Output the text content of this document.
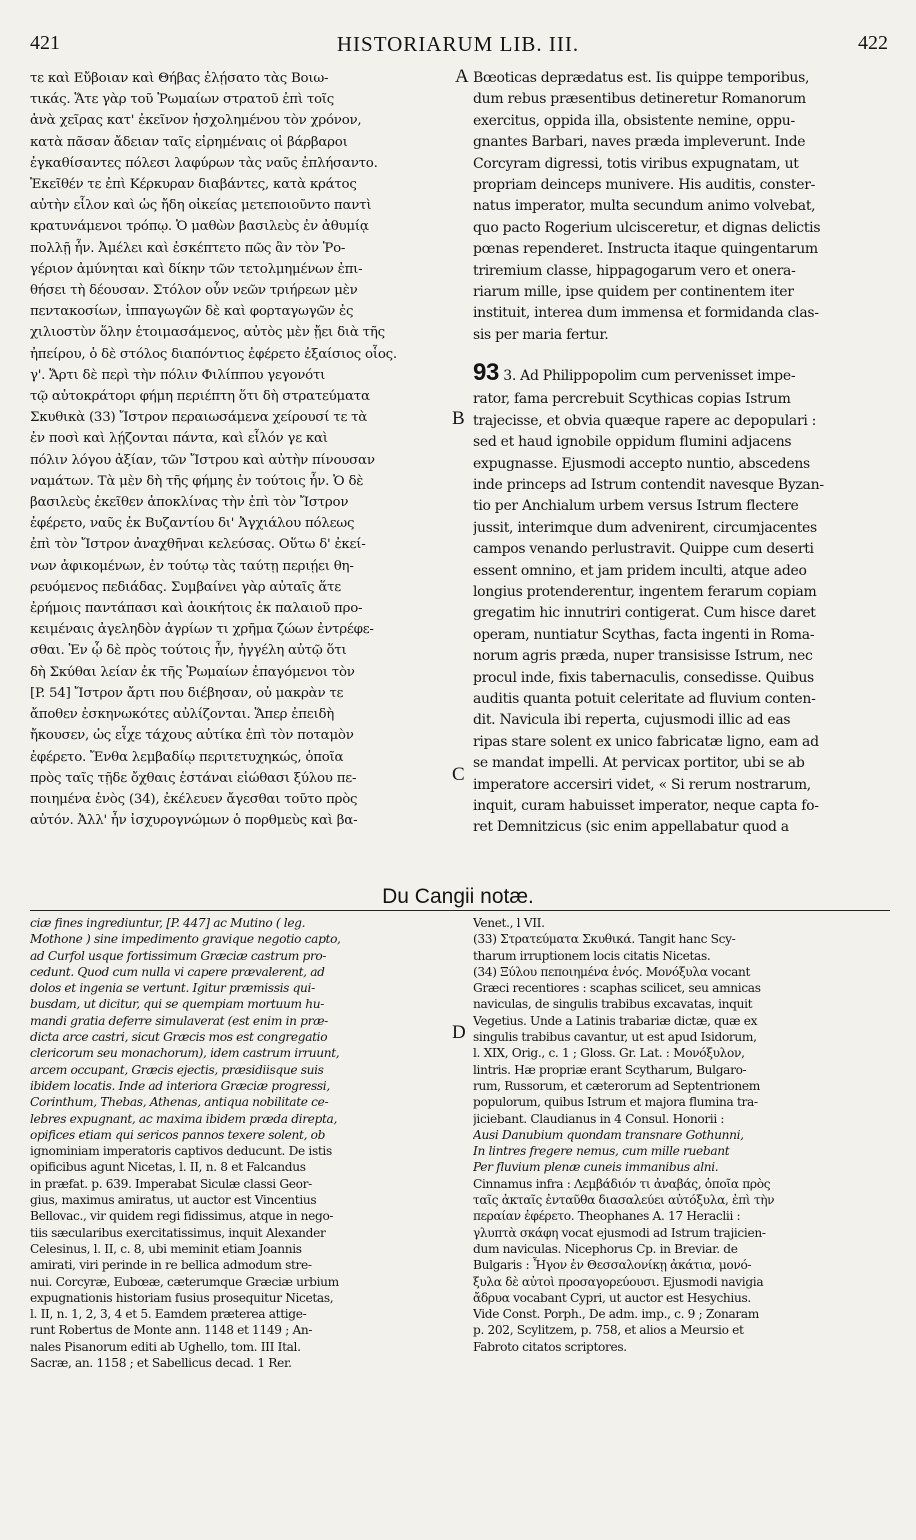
421	HISTORIARUM LIB. III.	422
τε καὶ Εὔβοιαν καὶ Θήβας ἐλῄσατο τὰς Βοιω-
τικάς. Ἅτε γὰρ τοῦ Ῥωμαίων στρατοῦ ἐπὶ τοῖς
ἀνὰ χεῖρας κατ' ἐκεῖνον ἠσχολημένου τὸν χρόνον,
κατὰ πᾶσαν ἄδειαν ταῖς εἰρημέναις οἱ βάρβαροι
ἐγκαθίσαντες πόλεσι λαφύρων τὰς ναῦς ἐπλήσαντο.
Ἐκεῖθέν τε ἐπὶ Κέρκυραν διαβάντες, κατὰ κράτος
αὐτὴν εἷλον καὶ ὡς ἤδη οἰκείας μετεποιοῦντο παντὶ
κρατυνάμενοι τρόπῳ. Ὁ μαθὼν βασιλεὺς ἐν ἀθυμίᾳ
πολλῇ ἦν. Ἀμέλει καὶ ἐσκέπτετο πῶς ἂν τὸν Ῥο-
γέριον ἀμύνηται καὶ δίκην τῶν τετολμημένων ἐπι-
θήσει τὴ δέουσαν. Στόλον οὖν νεῶν τριήρεων μὲν
πεντακοσίων, ἱππαγωγῶν δὲ καὶ φορταγωγῶν ἐς
χιλιοστὺν ὅλην ἑτοιμασάμενος, αὐτὸς μὲν ᾔει διὰ τῆς
ἠπείρου, ὁ δὲ στόλος διαπόντιος ἐφέρετο ἐξαίσιος οἷος.
γ'. Ἄρτι δὲ περὶ τὴν πόλιν Φιλίππου γεγονότι
τῷ αὐτοκράτορι φήμη περιέπτη ὅτι δὴ στρατεύματα
Σκυθικὰ (33) Ἴστρον περαιωσάμενα χείρουσί τε τὰ
ἐν ποσὶ καὶ λῄζονται πάντα, καὶ εἷλόν γε καὶ
πόλιν λόγου ἀξίαν, τῶν Ἴστρου καὶ αὐτὴν πίνουσαν
ναμάτων. Τὰ μὲν δὴ τῆς φήμης ἐν τούτοις ἦν. Ὁ δὲ
βασιλεὺς ἐκεῖθεν ἀποκλίνας τὴν ἐπὶ τὸν Ἴστρον
ἐφέρετο, ναῦς ἐκ Βυζαντίου δι' Ἀγχιάλου πόλεως
ἐπὶ τὸν Ἴστρον ἀναχθῆναι κελεύσας. Οὕτω δ' ἐκεί-
νων ἀφικομένων, ἐν τούτῳ τὰς ταύτῃ περιῄει θη-
ρευόμενος πεδιάδας. Συμβαίνει γὰρ αὐταῖς ἅτε
ἐρήμοις παντάπασι καὶ ἀοικήτοις ἐκ παλαιοῦ προ-
κειμέναις ἀγεληδὸν ἀγρίων τι χρῆμα ζώων ἐντρέφε-
σθαι. Ἐν ᾧ δὲ πρὸς τούτοις ἦν, ἠγγέλη αὐτῷ ὅτι
δὴ Σκύθαι λείαν ἐκ τῆς Ῥωμαίων ἐπαγόμενοι τὸν
[P. 54] Ἴστρον ἄρτι που διέβησαν, οὐ μακρὰν τε
ἄποθεν ἐσκηνωκότες αὐλίζονται. Ἅπερ ἐπειδὴ
ἤκουσεν, ὡς εἶχε τάχους αὐτίκα ἐπὶ τὸν ποταμὸν
ἐφέρετο. Ἔνθα λεμβαδίῳ περιτετυχηκώς, ὁποῖα
πρὸς ταῖς τῇδε ὄχθαις ἑστάναι εἰώθασι ξύλου πε-
ποιημένα ἑνὸς (34), ἐκέλευεν ἄγεσθαι τοῦτο πρὸς
αὐτόν. Ἀλλ' ἦν ἰσχυρογνώμων ὁ πορθμεὺς καὶ βα-
A
B
C
D
Bœoticas deprædatus est. Iis quippe temporibus,
dum rebus præsentibus detineretur Romanorum
exercitus, oppida illa, obsistente nemine, oppu-
gnantes Barbari, naves præda impleverunt. Inde
Corcyram digressi, totis viribus expugnatam, ut
propriam deinceps munivere. His auditis, conster-
natus imperator, multa secundum animo volvebat,
quo pacto Rogerium ulcisceretur, et dignas delictis
pœnas rependeret. Instructa itaque quingentarum
triremium classe, hippagogarum vero et onera-
riarum mille, ipse quidem per continentem iter
instituit, interea dum immensa et formidanda clas-
sis per maria fertur.
93 3. Ad Philippopolim cum pervenisset impe-
rator, fama percrebuit Scythicas copias Istrum
trajecisse, et obvia quæque rapere ac depopulari :
sed et haud ignobile oppidum flumini adjacens
expugnasse. Ejusmodi accepto nuntio, abscedens
inde princeps ad Istrum contendit navesque Byzan-
tio per Anchialum urbem versus Istrum flectere
jussit, interimque dum advenirent, circumjacentes
campos venando perlustravit. Quippe cum deserti
essent omnino, et jam pridem inculti, atque adeo
longius protenderentur, ingentem ferarum copiam
gregatim hic innutriri contigerat. Cum hisce daret
operam, nuntiatur Scythas, facta ingenti in Roma-
norum agris præda, nuper transisisse Istrum, nec
procul inde, fixis tabernaculis, consedisse. Quibus
auditis quanta potuit celeritate ad fluvium conten-
dit. Navicula ibi reperta, cujusmodi illic ad eas
ripas stare solent ex unico fabricatæ ligno, eam ad
se mandat impelli. At pervicax portitor, ubi se ab
imperatore accersiri videt, « Si rerum nostrarum,
inquit, curam habuisset imperator, neque capta fo-
ret Demnitzicus (sic enim appellabatur quod a
Du Cangii notæ.
ciæ fines ingrediuntur, [P. 447] ac Mutino ( leg.
Mothone ) sine impedimento gravique negotio capto,
ad Curfol usque fortissimum Græciæ castrum pro-
cedunt. Quod cum nulla vi capere prævalerent, ad
dolos et ingenia se vertunt. Igitur præmissis qui-
busdam, ut dicitur, qui se quempiam mortuum hu-
mandi gratia deferre simulaverat (est enim in præ-
dicta arce castri, sicut Græcis mos est congregatio
clericorum seu monachorum), idem castrum irruunt,
arcem occupant, Græcis ejectis, præsidiisque suis
ibidem locatis. Inde ad interiora Græciæ progressi,
Corinthum, Thebas, Athenas, antiqua nobilitate ce-
lebres expugnant, ac maxima ibidem præda direpta,
opifices etiam qui sericos pannos texere solent, ob
ignominiam imperatoris captivos deducunt. De istis
opificibus agunt Nicetas, l. II, n. 8 et Falcandus
in præfat. p. 639. Imperabat Siculæ classi Geor-
gius, maximus amiratus, ut auctor est Vincentius
Bellovac., vir quidem regi fidissimus, atque in nego-
tiis sæcularibus exercitatissimus, inquit Alexander
Celesinus, l. II, c. 8, ubi meminit etiam Joannis
amirati, viri perinde in re bellica admodum stre-
nui. Corcyræ, Eubœæ, cæterumque Græciæ urbium
expugnationis historiam fusius prosequitur Nicetas,
l. II, n. 1, 2, 3, 4 et 5. Eamdem præterea attige-
runt Robertus de Monte ann. 1148 et 1149 ; An-
nales Pisanorum editi ab Ughello, tom. III Ital.
Sacræ, an. 1158 ; et Sabellicus decad. 1 Rer.
Venet., l VII.
(33) Στρατεύματα Σκυθικά. Tangit hanc Scy-
tharum irruptionem locis citatis Nicetas.
(34) Ξύλου πεποιημένα ἑνός. Μονόξυλα vocant
Græci recentiores : scaphas scilicet, seu amnicas
naviculas, de singulis trabibus excavatas, inquit
Vegetius. Unde a Latinis trabariæ dictæ, quæ ex
singulis trabibus cavantur, ut est apud Isidorum,
l. XIX, Orig., c. 1 ; Gloss. Gr. Lat. : Μονόξυλον,
lintris. Hæ propriæ erant Scytharum, Bulgaro-
rum, Russorum, et cæterorum ad Septentrionem
populorum, quibus Istrum et majora flumina tra-
jiciebant. Claudianus in 4 Consul. Honorii :
Ausi Danubium quondam transnare Gothunni,
In lintres fregere nemus, cum mille ruebant
Per fluvium plenæ cuneis immanibus alni.
Cinnamus infra : Λεμβάδιόν τι ἀναβάς, ὁποῖα πρὸς
ταῖς ἀκταῖς ἐνταῦθα διασαλεύει αὐτόξυλα, ἐπὶ τὴν
περαίαν ἐφέρετο. Theophanes A. 17 Heraclii :
γλυπτὰ σκάφη vocat ejusmodi ad Istrum trajicien-
dum naviculas. Nicephorus Cp. in Breviar. de
Bulgaris : Ἦγον ἐν Θεσσαλονίκῃ ἀκάτια, μονό-
ξυλα δὲ αὐτοὶ προσαγορεύουσι. Ejusmodi navigia
ἄδρυα vocabant Cypri, ut auctor est Hesychius.
Vide Const. Porph., De adm. imp., c. 9 ; Zonaram
p. 202, Scylitzem, p. 758, et alios a Meursio et
Fabroto citatos scriptores.
